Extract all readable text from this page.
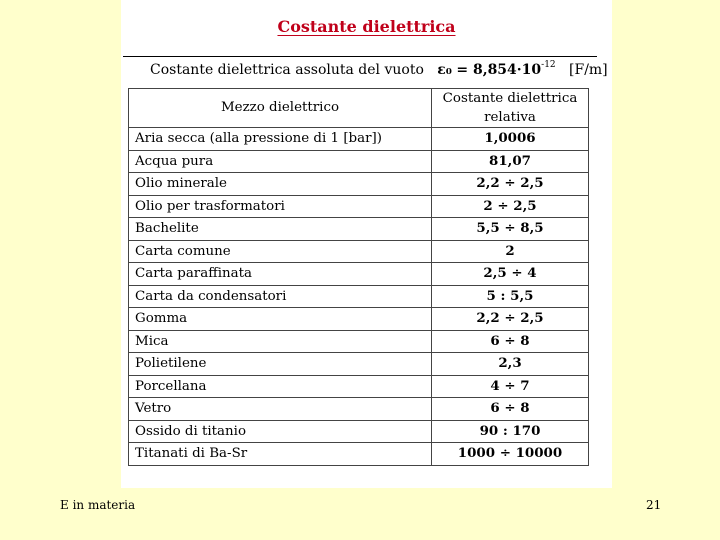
Costante dielettrica
Costante dielettrica assoluta del vuoto $\varepsilon_0 = 8,854\cdot 10^{-12}$ [F/m]
Mezzo dielettrico	Costante dielettrica relativa
Aria secca (alla pressione di 1 [bar])	1,0006
Acqua pura	81,07
Olio minerale	2,2 ÷ 2,5
Olio per trasformatori	2 ÷ 2,5
Bachelite	5,5 ÷ 8,5
Carta comune	2
Carta paraffinata	2,5 ÷ 4
Carta da condensatori	5 : 5,5
Gomma	2,2 ÷ 2,5
Mica	6 ÷ 8
Polietilene	2,3
Porcellana	4 ÷ 7
Vetro	6 ÷ 8
Ossido di titanio	90 : 170
Titanati di Ba-Sr	1000 ÷ 10000
E in materia	21
